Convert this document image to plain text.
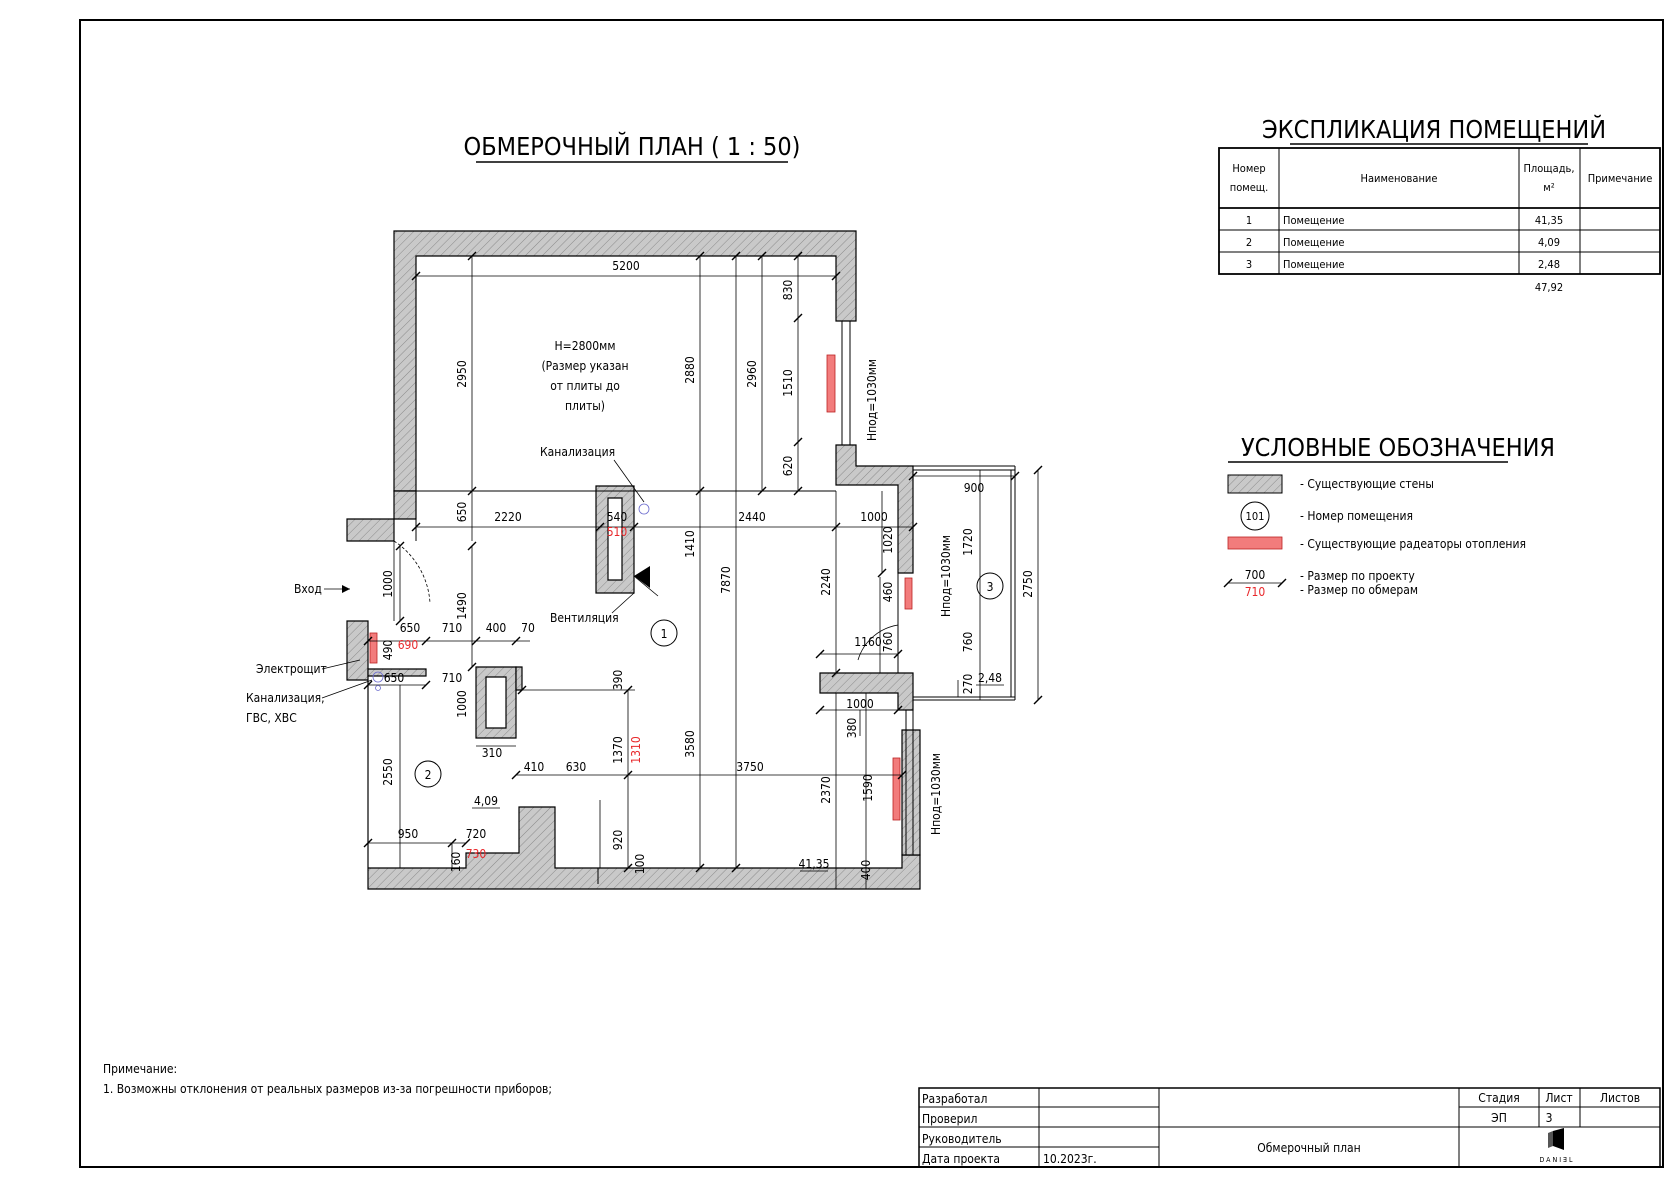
ОБМЕРОЧНЫЙ ПЛАН ( 1 : 50)
5200
2950	2880	2960
830
1510
620
650 2220	540
510
2440	1000
900
1410
7870
1020	1720
2750
2240	460
1000
1490
650 710 400 70
490 690
650	710	390
1160 760	760
270
1000	1000
380
310
410 630
1370 1310	3580
3750
2370 1590
2550
950	720
730
160
920
100	400
Hпод=1030мм
Hпод=1030мм
Hпод=1030мм
H=2800мм
(Размер указан
от плиты до
плиты)
Канализация
Вентиляция
Вход
Электрощит
Канализация,
ГВС, ХВС
1
2
3
41,35
4,09
2,48
ЭКСПЛИКАЦИЯ ПОМЕЩЕНИЙ
Номер
помещ.
Наименование
Площадь,
м²
Примечание
1	Помещение	41,35
2	Помещение	4,09
3	Помещение	2,48
47,92
УСЛОВНЫЕ ОБОЗНАЧЕНИЯ
- Существующие стены
101	- Номер помещения
- Существующие радеаторы отопления
700
710
- Размер по проекту
- Размер по обмерам
Примечание:
1. Возможны отклонения от реальных размеров из-за погрешности приборов;
Разработал
Проверил
Руководитель
Дата проекта	10.2023г.
Обмерочный план
Стадия Лист Листов
ЭП	3
DANIƎL
